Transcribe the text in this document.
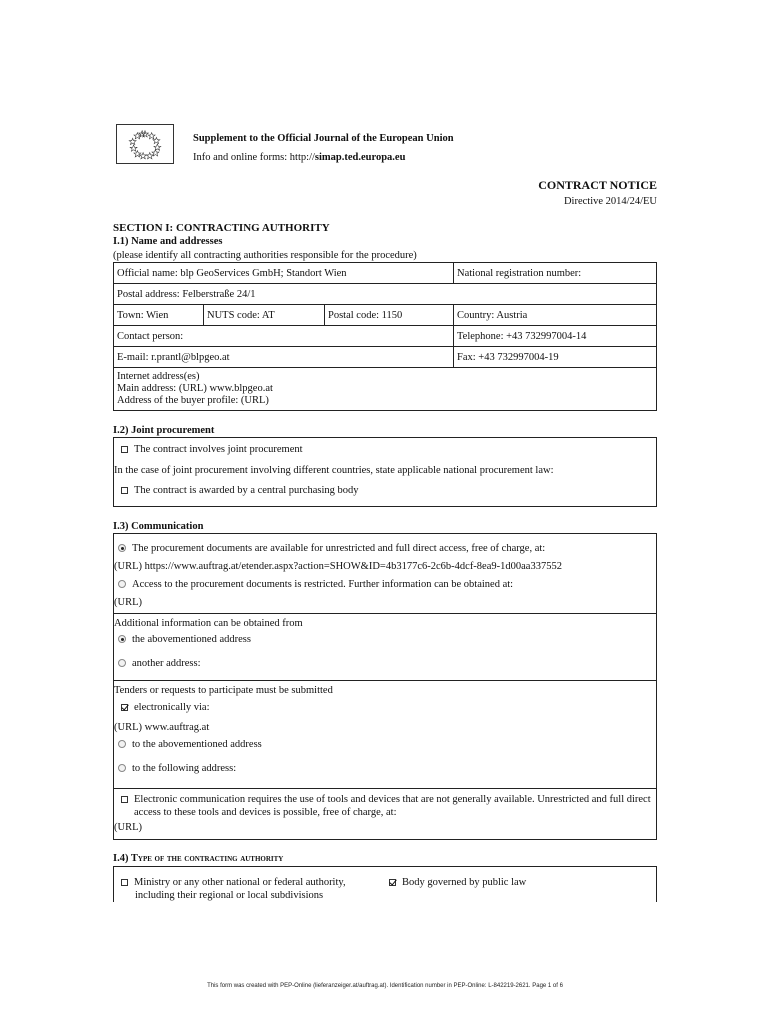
Supplement to the Official Journal of the European Union
Info and online forms: http://simap.ted.europa.eu
CONTRACT NOTICE
Directive 2014/24/EU
SECTION I: CONTRACTING AUTHORITY
I.1) Name and addresses
(please identify all contracting authorities responsible for the procedure)
Official name: blp GeoServices GmbH; Standort Wien	National registration number:
Postal address: Felberstraße 24/1
Town: Wien	NUTS code: AT	Postal code: 1150	Country: Austria
Contact person:	Telephone: +43 732997004-14
E-mail: r.prantl@blpgeo.at	Fax: +43 732997004-19
Internet address(es)
Main address: (URL) www.blpgeo.at
Address of the buyer profile: (URL)
I.2) Joint procurement
The contract involves joint procurement
In the case of joint procurement involving different countries, state applicable national procurement law:
The contract is awarded by a central purchasing body
I.3) Communication
The procurement documents are available for unrestricted and full direct access, free of charge, at:
(URL) https://www.auftrag.at/etender.aspx?action=SHOW&ID=4b3177c6-2c6b-4dcf-8ea9-1d00aa337552
Access to the procurement documents is restricted. Further information can be obtained at:
(URL)
Additional information can be obtained from
the abovementioned address
another address:
Tenders or requests to participate must be submitted
electronically via:
(URL) www.auftrag.at
to the abovementioned address
to the following address:
Electronic communication requires the use of tools and devices that are not generally available. Unrestricted and full direct
access to these tools and devices is possible, free of charge, at:
(URL)
I.4) Type of the contracting authority
Ministry or any other national or federal authority,
including their regional or local subdivisions
Body governed by public law
This form was created with PEP-Online (lieferanzeiger.at/auftrag.at). Identification number in PEP-Online: L-842219-2621. Page 1 of 6
